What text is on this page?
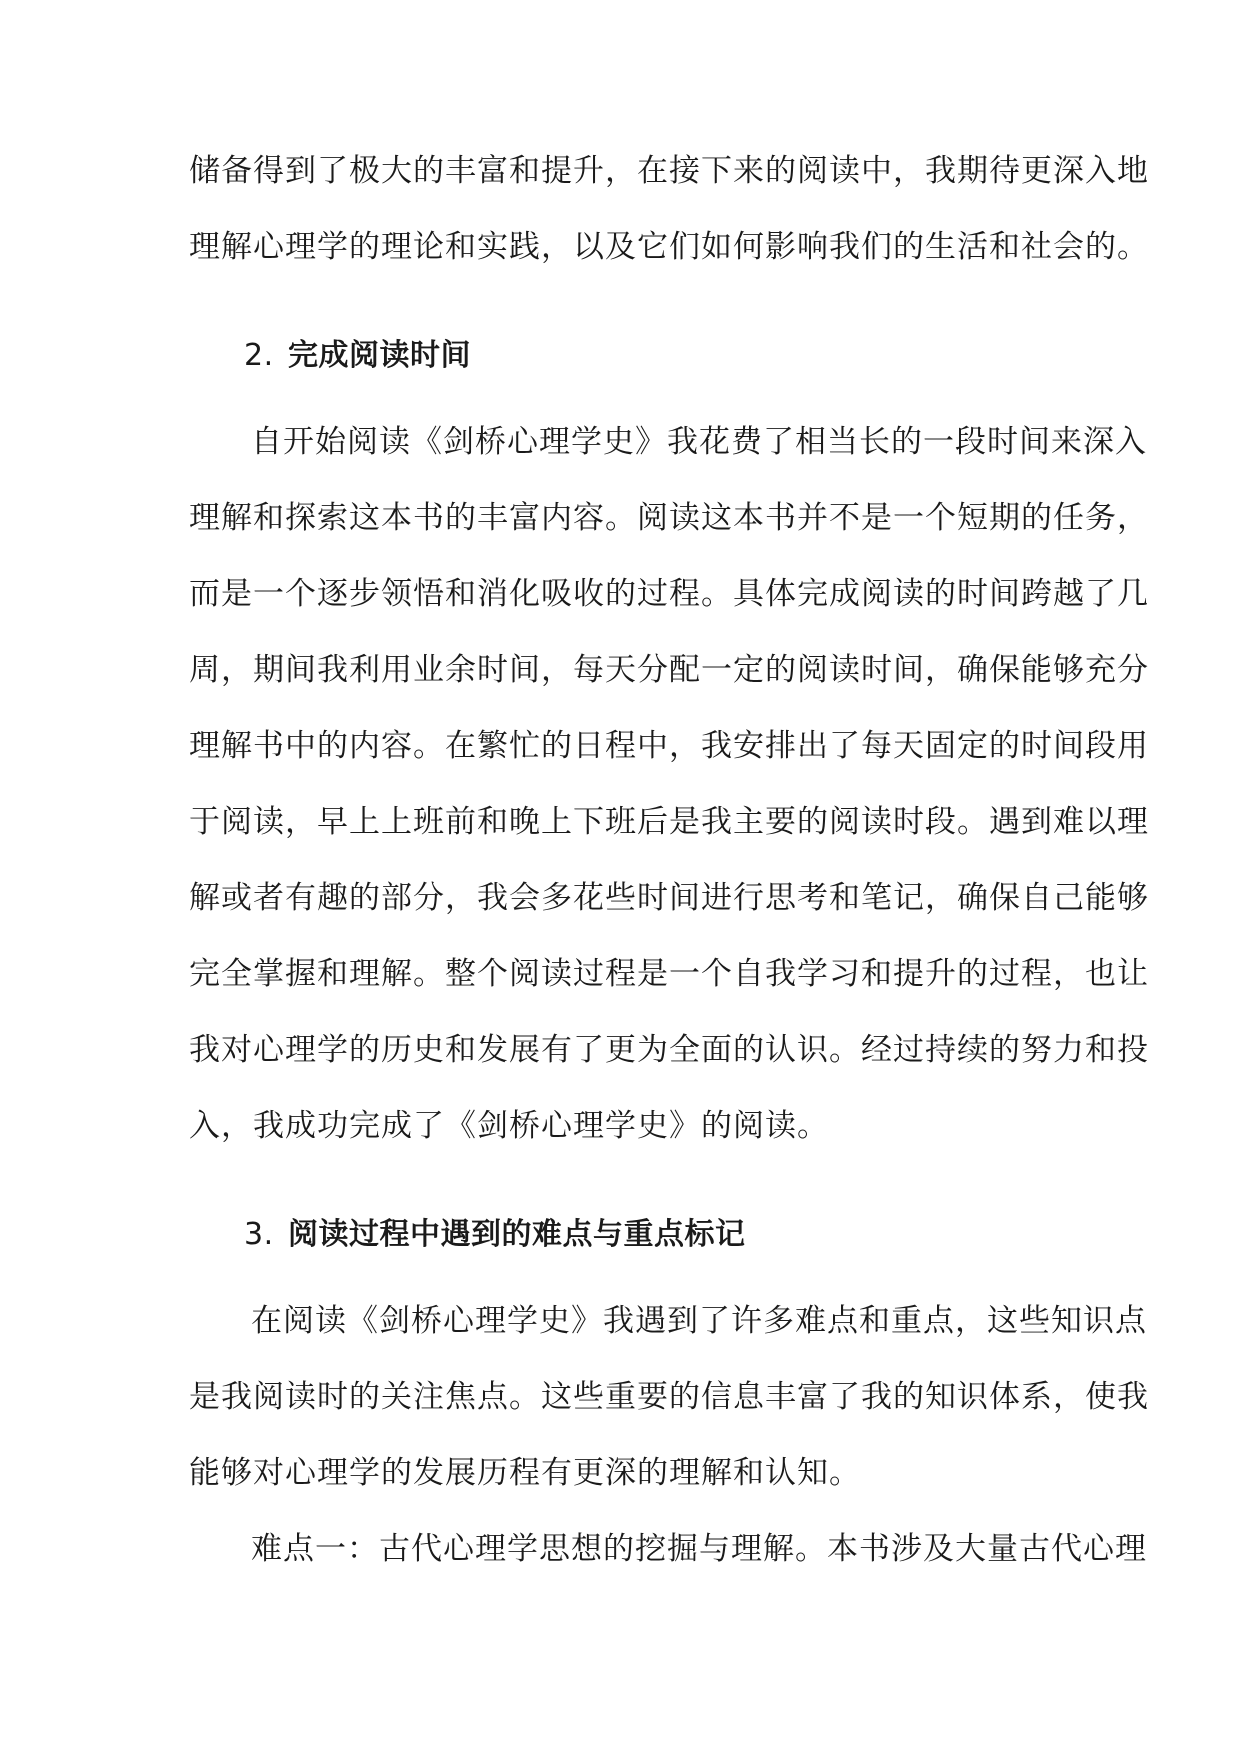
储备得到了极大的丰富和提升，在接下来的阅读中，我期待更深入地
理解心理学的理论和实践，以及它们如何影响我们的生活和社会的。
2. 完成阅读时间
自开始阅读《剑桥心理学史》我花费了相当长的一段时间来深入
理解和探索这本书的丰富内容。阅读这本书并不是一个短期的任务，
而是一个逐步领悟和消化吸收的过程。具体完成阅读的时间跨越了几
周，期间我利用业余时间，每天分配一定的阅读时间，确保能够充分
理解书中的内容。在繁忙的日程中，我安排出了每天固定的时间段用
于阅读，早上上班前和晚上下班后是我主要的阅读时段。遇到难以理
解或者有趣的部分，我会多花些时间进行思考和笔记，确保自己能够
完全掌握和理解。整个阅读过程是一个自我学习和提升的过程，也让
我对心理学的历史和发展有了更为全面的认识。经过持续的努力和投
入，我成功完成了《剑桥心理学史》的阅读。
3. 阅读过程中遇到的难点与重点标记
在阅读《剑桥心理学史》我遇到了许多难点和重点，这些知识点
是我阅读时的关注焦点。这些重要的信息丰富了我的知识体系，使我
能够对心理学的发展历程有更深的理解和认知。
难点一：古代心理学思想的挖掘与理解。本书涉及大量古代心理
